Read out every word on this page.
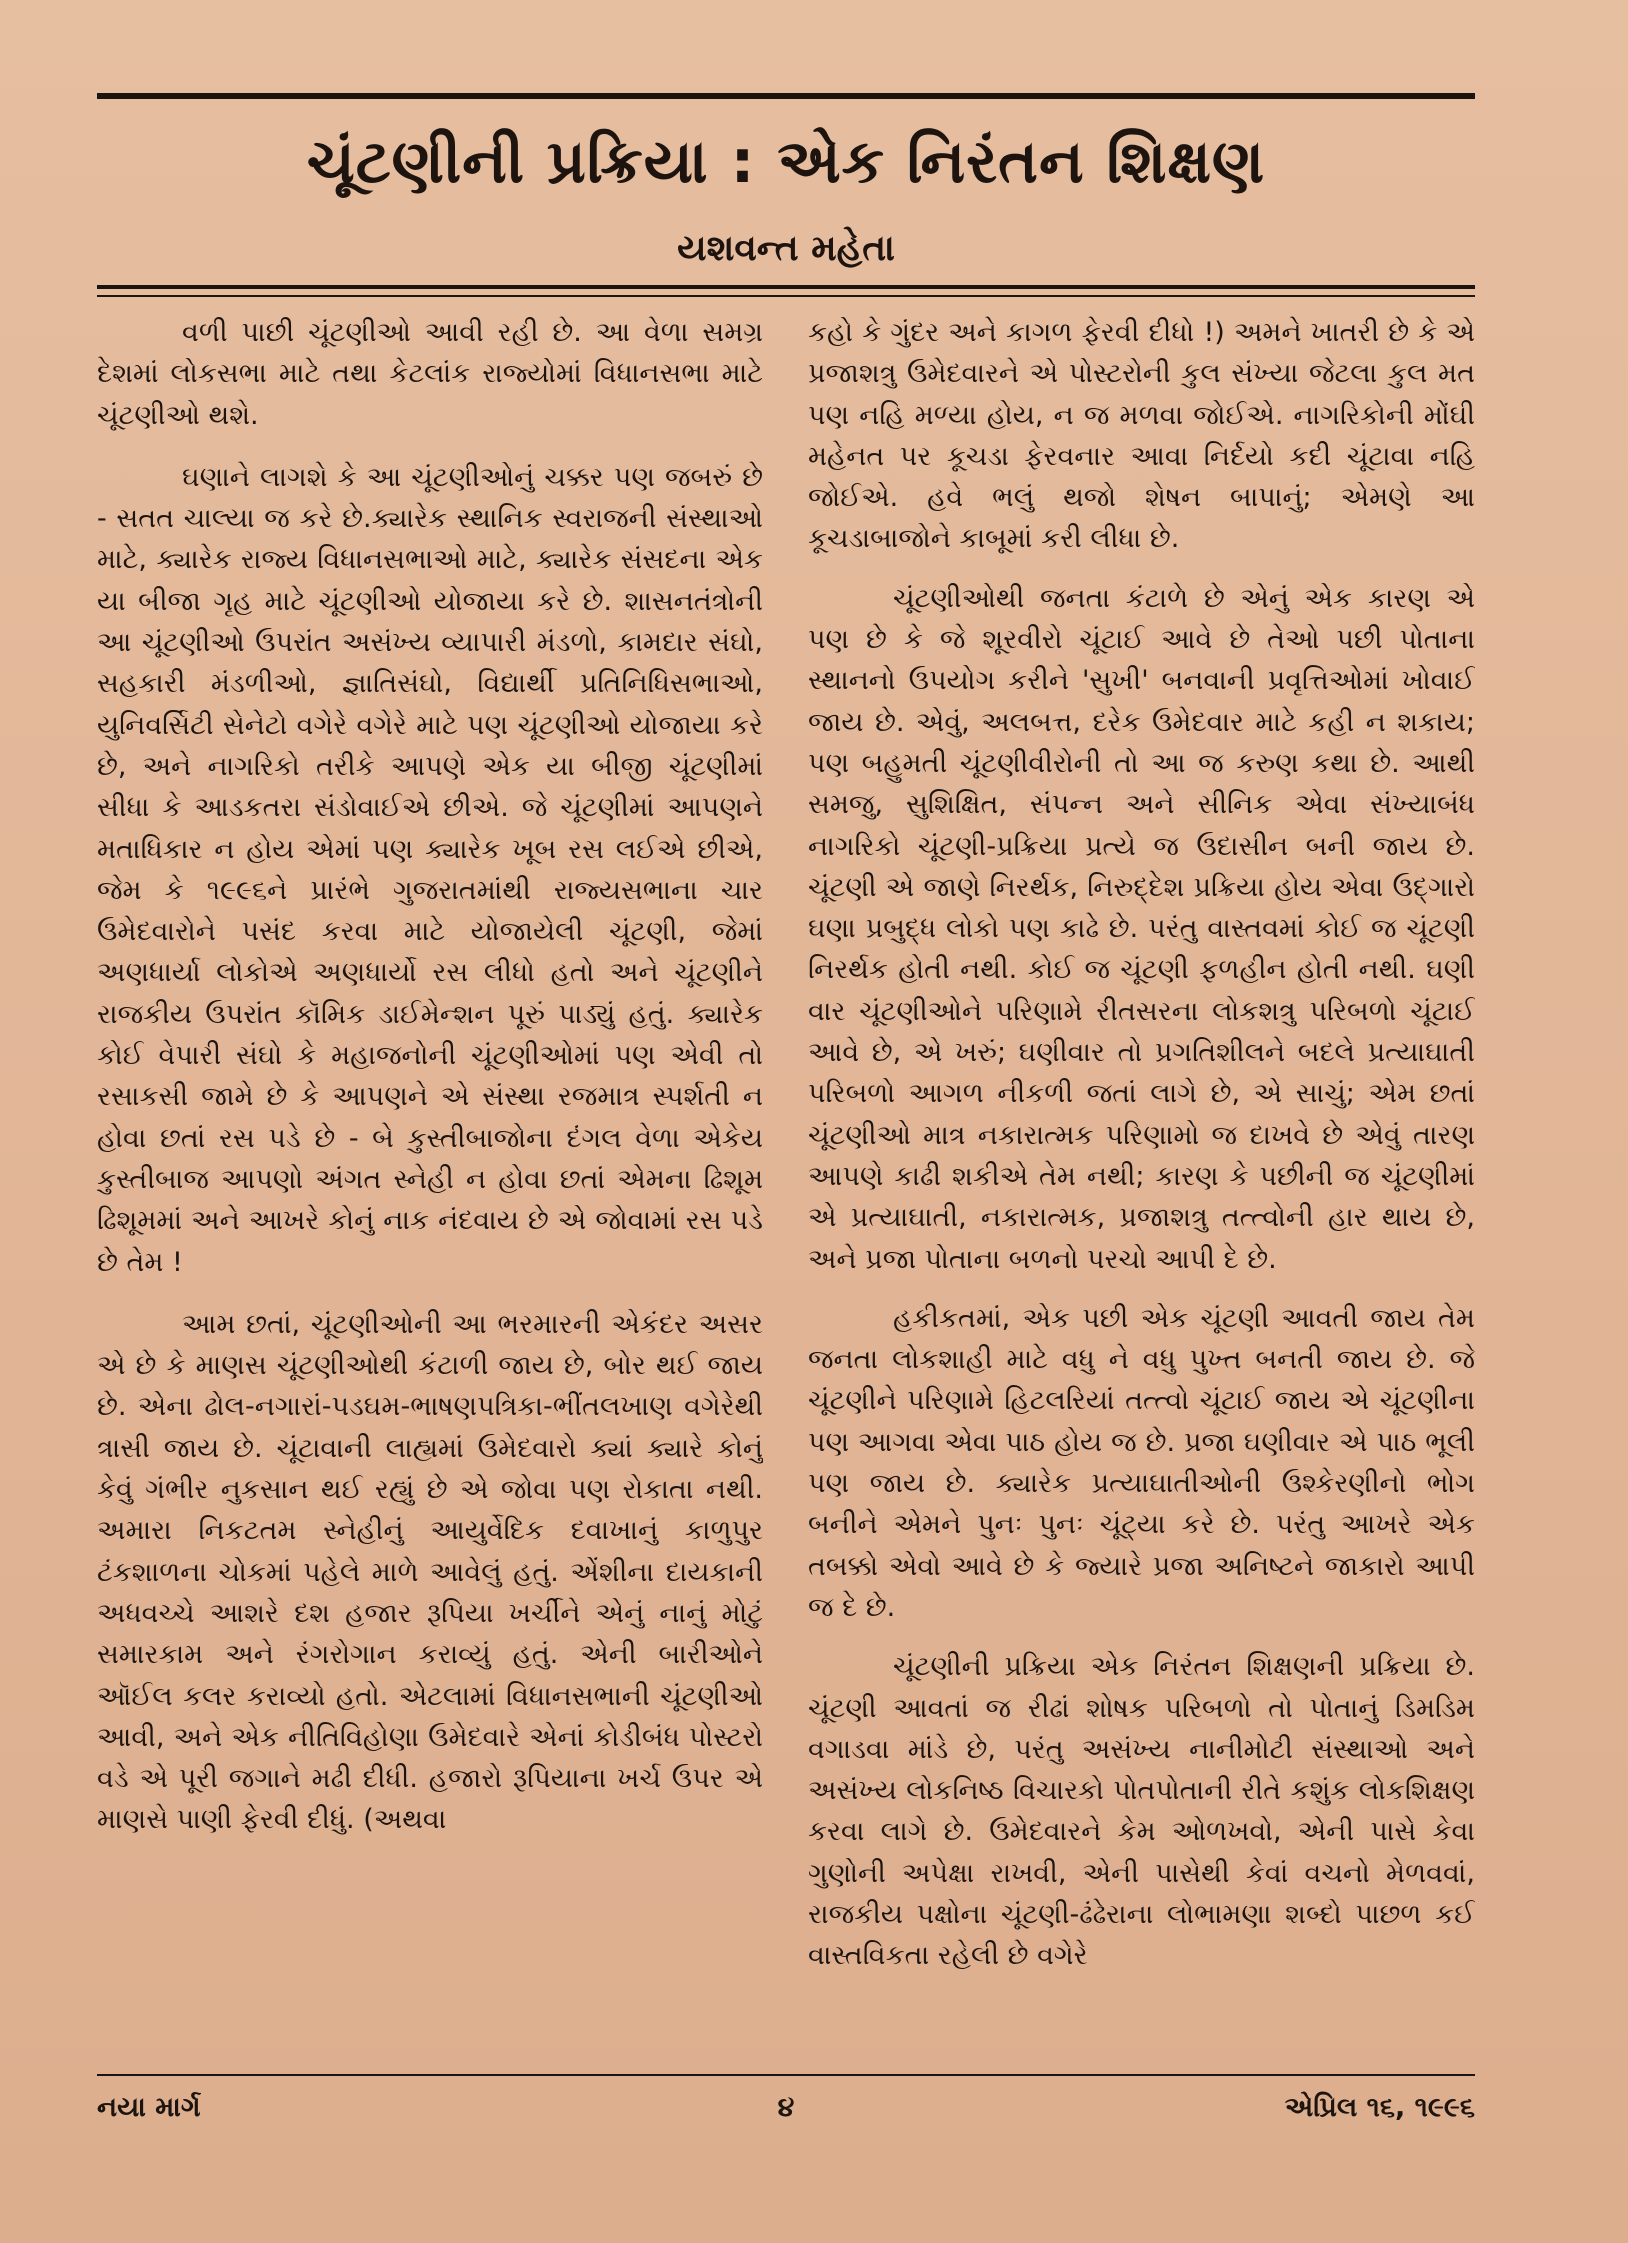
ચૂંટણીની પ્રક્રિયા : એક નિરંતન શિક્ષણ
યશવન્ત મહેતા

વળી પાછી ચૂંટણીઓ આવી રહી છે. આ વેળા સમગ્ર દેશમાં લોકસભા માટે તથા કેટલાંક રાજ્યોમાં વિધાનસભા માટે ચૂંટણીઓ થશે.

ઘણાને લાગશે કે આ ચૂંટણીઓનું ચક્કર પણ જબરું છે - સતત ચાલ્યા જ કરે છે.ક્યારેક સ્થાનિક સ્વરાજની સંસ્થાઓ માટે, ક્યારેક રાજ્ય વિધાનસભાઓ માટે, ક્યારેક સંસદના એક યા બીજા ગૃહ માટે ચૂંટણીઓ યોજાયા કરે છે. શાસનતંત્રોની આ ચૂંટણીઓ ઉપરાંત અસંખ્ય વ્યાપારી મંડળો, કામદાર સંઘો, સહકારી મંડળીઓ, જ્ઞાતિસંઘો, વિદ્યાર્થી પ્રતિનિધિસભાઓ, યુનિવર્સિટી સેનેટો વગેરે વગેરે માટે પણ ચૂંટણીઓ યોજાયા કરે છે, અને નાગરિકો તરીકે આપણે એક યા બીજી ચૂંટણીમાં સીધા કે આડકતરા સંડોવાઈએ છીએ. જે ચૂંટણીમાં આપણને મતાધિકાર ન હોય એમાં પણ ક્યારેક ખૂબ રસ લઈએ છીએ, જેમ કે ૧૯૯૬ને પ્રારંભે ગુજરાતમાંથી રાજ્યસભાના ચાર ઉમેદવારોને પસંદ કરવા માટે યોજાયેલી ચૂંટણી, જેમાં અણધાર્યા લોકોએ અણધાર્યો રસ લીધો હતો અને ચૂંટણીને રાજકીય ઉપરાંત કૉમિક ડાઈમેન્શન પૂરું પાડ્યું હતું. ક્યારેક કોઈ વેપારી સંઘો કે મહાજનોની ચૂંટણીઓમાં પણ એવી તો રસાકસી જામે છે કે આપણને એ સંસ્થા રજમાત્ર સ્પર્શતી ન હોવા છતાં રસ પડે છે - બે કુસ્તીબાજોના દંગલ વેળા એકેય કુસ્તીબાજ આપણો અંગત સ્નેહી ન હોવા છતાં એમના ઢિશૂમ ઢિશૂમમાં અને આખરે કોનું નાક નંદવાય છે એ જોવામાં રસ પડે છે તેમ !

આમ છતાં, ચૂંટણીઓની આ ભરમારની એકંદર અસર એ છે કે માણસ ચૂંટણીઓથી કંટાળી જાય છે, બોર થઈ જાય છે. એના ઢોલ-નગારાં-પડઘમ-ભાષણપત્રિકા-ભીંતલખાણ વગેરેથી ત્રાસી જાય છે. ચૂંટાવાની લાહ્યમાં ઉમેદવારો ક્યાં ક્યારે કોનું કેવું ગંભીર નુકસાન થઈ રહ્યું છે એ જોવા પણ રોકાતા નથી. અમારા નિકટતમ સ્નેહીનું આયુર્વેદિક દવાખાનું કાળુપુર ટંકશાળના ચોકમાં પહેલે માળે આવેલું હતું. એંશીના દાયકાની અધવચ્ચે આશરે દશ હજાર રૂપિયા ખર્ચીને એનું નાનું મોટું સમારકામ અને રંગરોગાન કરાવ્યું હતું. એની બારીઓને ઑઈલ કલર કરાવ્યો હતો. એટલામાં વિધાનસભાની ચૂંટણીઓ આવી, અને એક નીતિવિહોણા ઉમેદવારે એનાં કોડીબંધ પોસ્ટરો વડે એ પૂરી જગાને મઢી દીધી. હજારો રૂપિયાના ખર્ચ ઉપર એ માણસે પાણી ફેરવી દીધું. (અથવા

કહો કે ગુંદર અને કાગળ ફેરવી દીધો !) અમને ખાતરી છે કે એ પ્રજાશત્રુ ઉમેદવારને એ પોસ્ટરોની કુલ સંખ્યા જેટલા કુલ મત પણ નહિ મળ્યા હોય, ન જ મળવા જોઈએ. નાગરિકોની મોંઘી મહેનત પર કૂચડા ફેરવનાર આવા નિર્દયો કદી ચૂંટાવા નહિ જોઈએ. હવે ભલું થજો શેષન બાપાનું; એમણે આ કૂચડાબાજોને કાબૂમાં કરી લીધા છે.

ચૂંટણીઓથી જનતા કંટાળે છે એનું એક કારણ એ પણ છે કે જે શૂરવીરો ચૂંટાઈ આવે છે તેઓ પછી પોતાના સ્થાનનો ઉપયોગ કરીને 'સુખી' બનવાની પ્રવૃત્તિઓમાં ખોવાઈ જાય છે. એવું, અલબત્ત, દરેક ઉમેદવાર માટે કહી ન શકાય; પણ બહુમતી ચૂંટણીવીરોની તો આ જ કરુણ કથા છે. આથી સમજુ, સુશિક્ષિત, સંપન્ન અને સીનિક એવા સંખ્યાબંધ નાગરિકો ચૂંટણી-પ્રક્રિયા પ્રત્યે જ ઉદાસીન બની જાય છે. ચૂંટણી એ જાણે નિરર્થક, નિરુદ્દેશ પ્રક્રિયા હોય એવા ઉદ્‌ગારો ઘણા પ્રબુદ્ધ લોકો પણ કાઢે છે. પરંતુ વાસ્તવમાં કોઈ જ ચૂંટણી નિરર્થક હોતી નથી. કોઈ જ ચૂંટણી ફળહીન હોતી નથી. ઘણી વાર ચૂંટણીઓને પરિણામે રીતસરના લોકશત્રુ પરિબળો ચૂંટાઈ આવે છે, એ ખરું; ઘણીવાર તો પ્રગતિશીલને બદલે પ્રત્યાઘાતી પરિબળો આગળ નીકળી જતાં લાગે છે, એ સાચું; એમ છતાં ચૂંટણીઓ માત્ર નકારાત્મક પરિણામો જ દાખવે છે એવું તારણ આપણે કાઢી શકીએ તેમ નથી; કારણ કે પછીની જ ચૂંટણીમાં એ પ્રત્યાઘાતી, નકારાત્મક, પ્રજાશત્રુ તત્ત્વોની હાર થાય છે, અને પ્રજા પોતાના બળનો પરચો આપી દે છે.

હકીકતમાં, એક પછી એક ચૂંટણી આવતી જાય તેમ જનતા લોકશાહી માટે વધુ ને વધુ પુખ્ત બનતી જાય છે. જે ચૂંટણીને પરિણામે હિટલરિયાં તત્ત્વો ચૂંટાઈ જાય એ ચૂંટણીના પણ આગવા એવા પાઠ હોય જ છે. પ્રજા ઘણીવાર એ પાઠ ભૂલી પણ જાય છે. ક્યારેક પ્રત્યાઘાતીઓની ઉશ્કેરણીનો ભોગ બનીને એમને પુનઃ પુનઃ ચૂંટ્યા કરે છે. પરંતુ આખરે એક તબક્કો એવો આવે છે કે જ્યારે પ્રજા અનિષ્ટને જાકારો આપી જ દે છે.

ચૂંટણીની પ્રક્રિયા એક નિરંતન શિક્ષણની પ્રક્રિયા છે. ચૂંટણી આવતાં જ રીઢાં શોષક પરિબળો તો પોતાનું ડિમડિમ વગાડવા માંડે છે, પરંતુ અસંખ્ય નાનીમોટી સંસ્થાઓ અને અસંખ્ય લોકનિષ્ઠ વિચારકો પોતપોતાની રીતે કશુંક લોકશિક્ષણ કરવા લાગે છે. ઉમેદવારને કેમ ઓળખવો, એની પાસે કેવા ગુણોની અપેક્ષા રાખવી, એની પાસેથી કેવાં વચનો મેળવવાં, રાજકીય પક્ષોના ચૂંટણી-ઢંઢેરાના લોભામણા શબ્દો પાછળ કઈ વાસ્તવિકતા રહેલી છે વગેરે

નયા માર્ગ	૪	એપ્રિલ ૧૬, ૧૯૯૬
